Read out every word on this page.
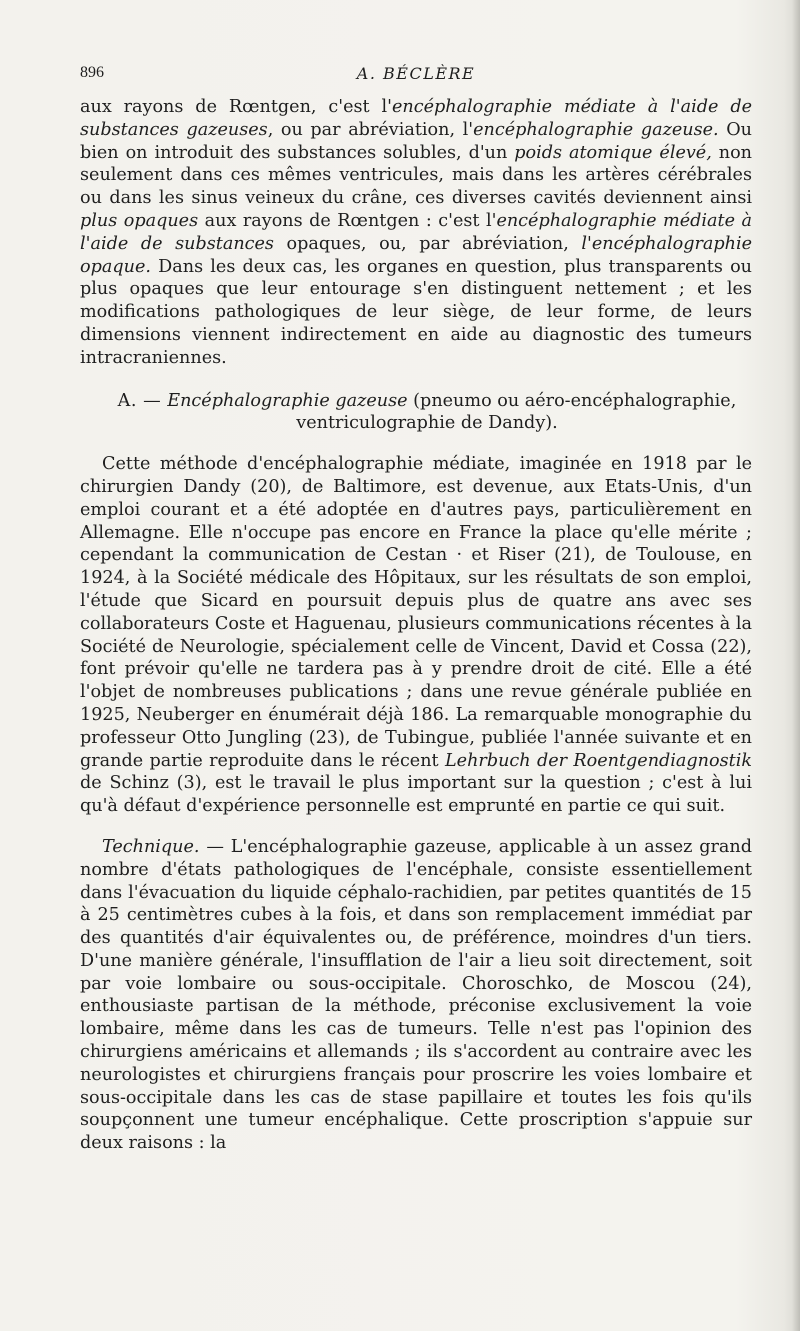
896	A. BÉCLÈRE

aux rayons de Rœntgen, c'est l'encéphalographie médiate à l'aide de substances gazeuses, ou par abréviation, l'encéphalographie gazeuse. Ou bien on introduit des substances solubles, d'un poids atomique élevé, non seulement dans ces mêmes ventricules, mais dans les artères cérébrales ou dans les sinus veineux du crâne, ces diverses cavités deviennent ainsi plus opaques aux rayons de Rœntgen : c'est l'encéphalographie médiate à l'aide de substances opaques, ou, par abréviation, l'encéphalographie opaque. Dans les deux cas, les organes en question, plus transparents ou plus opaques que leur entourage s'en distinguent nettement ; et les modifications pathologiques de leur siège, de leur forme, de leurs dimensions viennent indirectement en aide au diagnostic des tumeurs intracraniennes.

A. — Encéphalographie gazeuse (pneumo ou aéro-encéphalographie, ventriculographie de Dandy).

Cette méthode d'encéphalographie médiate, imaginée en 1918 par le chirurgien Dandy (20), de Baltimore, est devenue, aux Etats-Unis, d'un emploi courant et a été adoptée en d'autres pays, particulièrement en Allemagne. Elle n'occupe pas encore en France la place qu'elle mérite ; cependant la communication de Cestan · et Riser (21), de Toulouse, en 1924, à la Société médicale des Hôpitaux, sur les résultats de son emploi, l'étude que Sicard en poursuit depuis plus de quatre ans avec ses collaborateurs Coste et Haguenau, plusieurs communications récentes à la Société de Neurologie, spécialement celle de Vincent, David et Cossa (22), font prévoir qu'elle ne tardera pas à y prendre droit de cité. Elle a été l'objet de nombreuses publications ; dans une revue générale publiée en 1925, Neuberger en énumérait déjà 186. La remarquable monographie du professeur Otto Jungling (23), de Tubingue, publiée l'année suivante et en grande partie reproduite dans le récent Lehrbuch der Roentgendiagnostik de Schinz (3), est le travail le plus important sur la question ; c'est à lui qu'à défaut d'expérience personnelle est emprunté en partie ce qui suit.

Technique. — L'encéphalographie gazeuse, applicable à un assez grand nombre d'états pathologiques de l'encéphale, consiste essentiellement dans l'évacuation du liquide céphalo-rachidien, par petites quantités de 15 à 25 centimètres cubes à la fois, et dans son remplacement immédiat par des quantités d'air équivalentes ou, de préférence, moindres d'un tiers. D'une manière générale, l'insufflation de l'air a lieu soit directement, soit par voie lombaire ou sous-occipitale. Choroschko, de Moscou (24), enthousiaste partisan de la méthode, préconise exclusivement la voie lombaire, même dans les cas de tumeurs. Telle n'est pas l'opinion des chirurgiens américains et allemands ; ils s'accordent au contraire avec les neurologistes et chirurgiens français pour proscrire les voies lombaire et sous-occipitale dans les cas de stase papillaire et toutes les fois qu'ils soupçonnent une tumeur encéphalique. Cette proscription s'appuie sur deux raisons : la
